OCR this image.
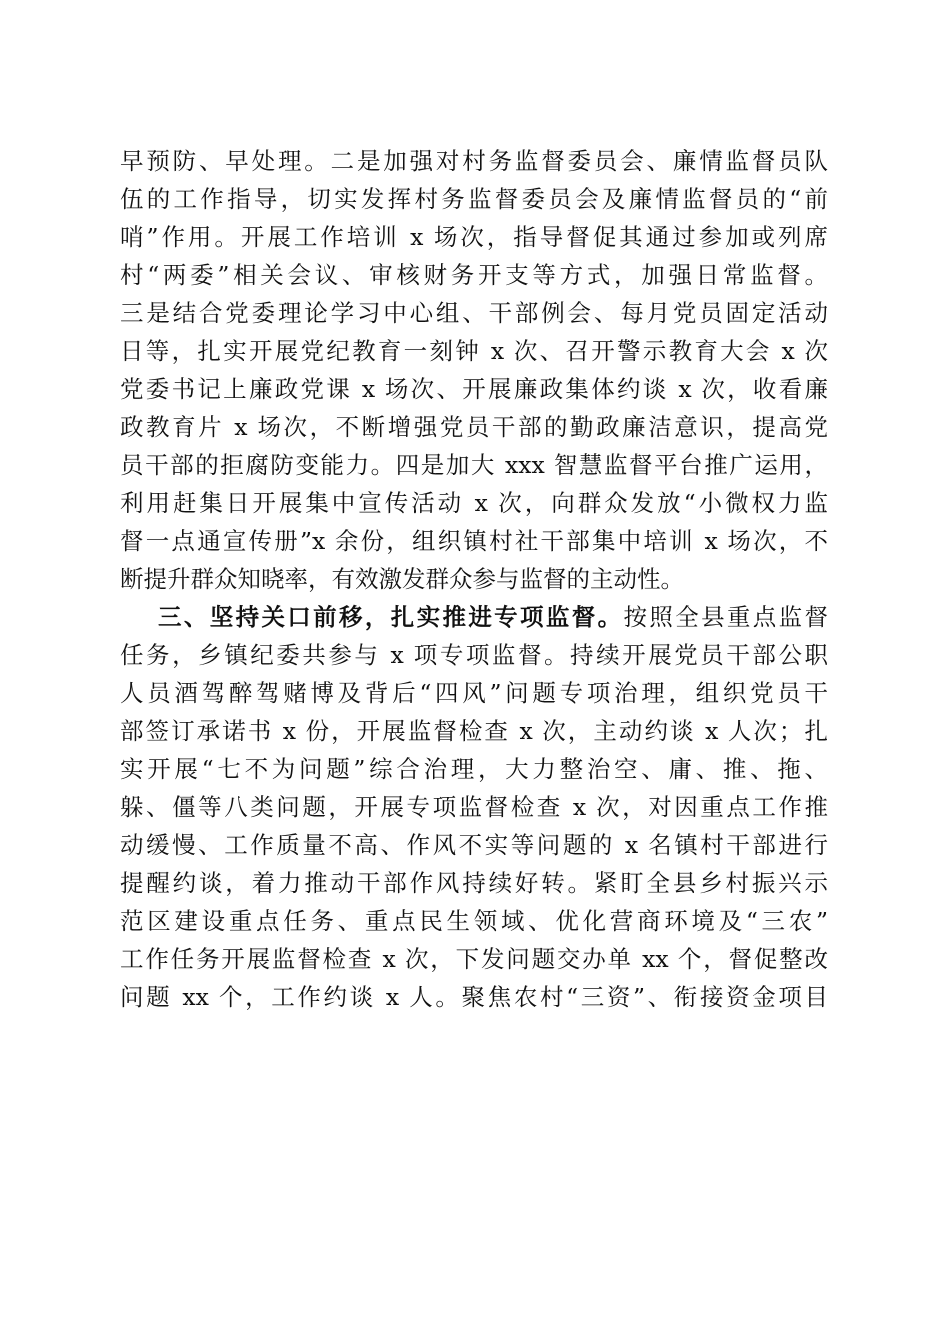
早预防、早处理。二是加强对村务监督委员会、廉情监督员队
伍的工作指导，切实发挥村务监督委员会及廉情监督员的“前
哨”作用。开展工作培训 x 场次，指导督促其通过参加或列席
村“两委”相关会议、审核财务开支等方式，加强日常监督。
三是结合党委理论学习中心组、干部例会、每月党员固定活动
日等，扎实开展党纪教育一刻钟 x 次、召开警示教育大会 x 次
党委书记上廉政党课 x 场次、开展廉政集体约谈 x 次，收看廉
政教育片 x 场次，不断增强党员干部的勤政廉洁意识，提高党
员干部的拒腐防变能力。四是加大 xxx 智慧监督平台推广运用，
利用赶集日开展集中宣传活动 x 次，向群众发放“小微权力监
督一点通宣传册”x 余份，组织镇村社干部集中培训 x 场次，不
断提升群众知晓率，有效激发群众参与监督的主动性。
三、坚持关口前移，扎实推进专项监督。按照全县重点监督
任务，乡镇纪委共参与 x 项专项监督。持续开展党员干部公职
人员酒驾醉驾赌博及背后“四风”问题专项治理，组织党员干
部签订承诺书 x 份，开展监督检查 x 次，主动约谈 x 人次；扎
实开展“七不为问题”综合治理，大力整治空、庸、推、拖、
躲、僵等八类问题，开展专项监督检查 x 次，对因重点工作推
动缓慢、工作质量不高、作风不实等问题的 x 名镇村干部进行
提醒约谈，着力推动干部作风持续好转。紧盯全县乡村振兴示
范区建设重点任务、重点民生领域、优化营商环境及“三农”
工作任务开展监督检查 x 次，下发问题交办单 xx 个，督促整改
问题 xx 个，工作约谈 x 人。聚焦农村“三资”、衔接资金项目
